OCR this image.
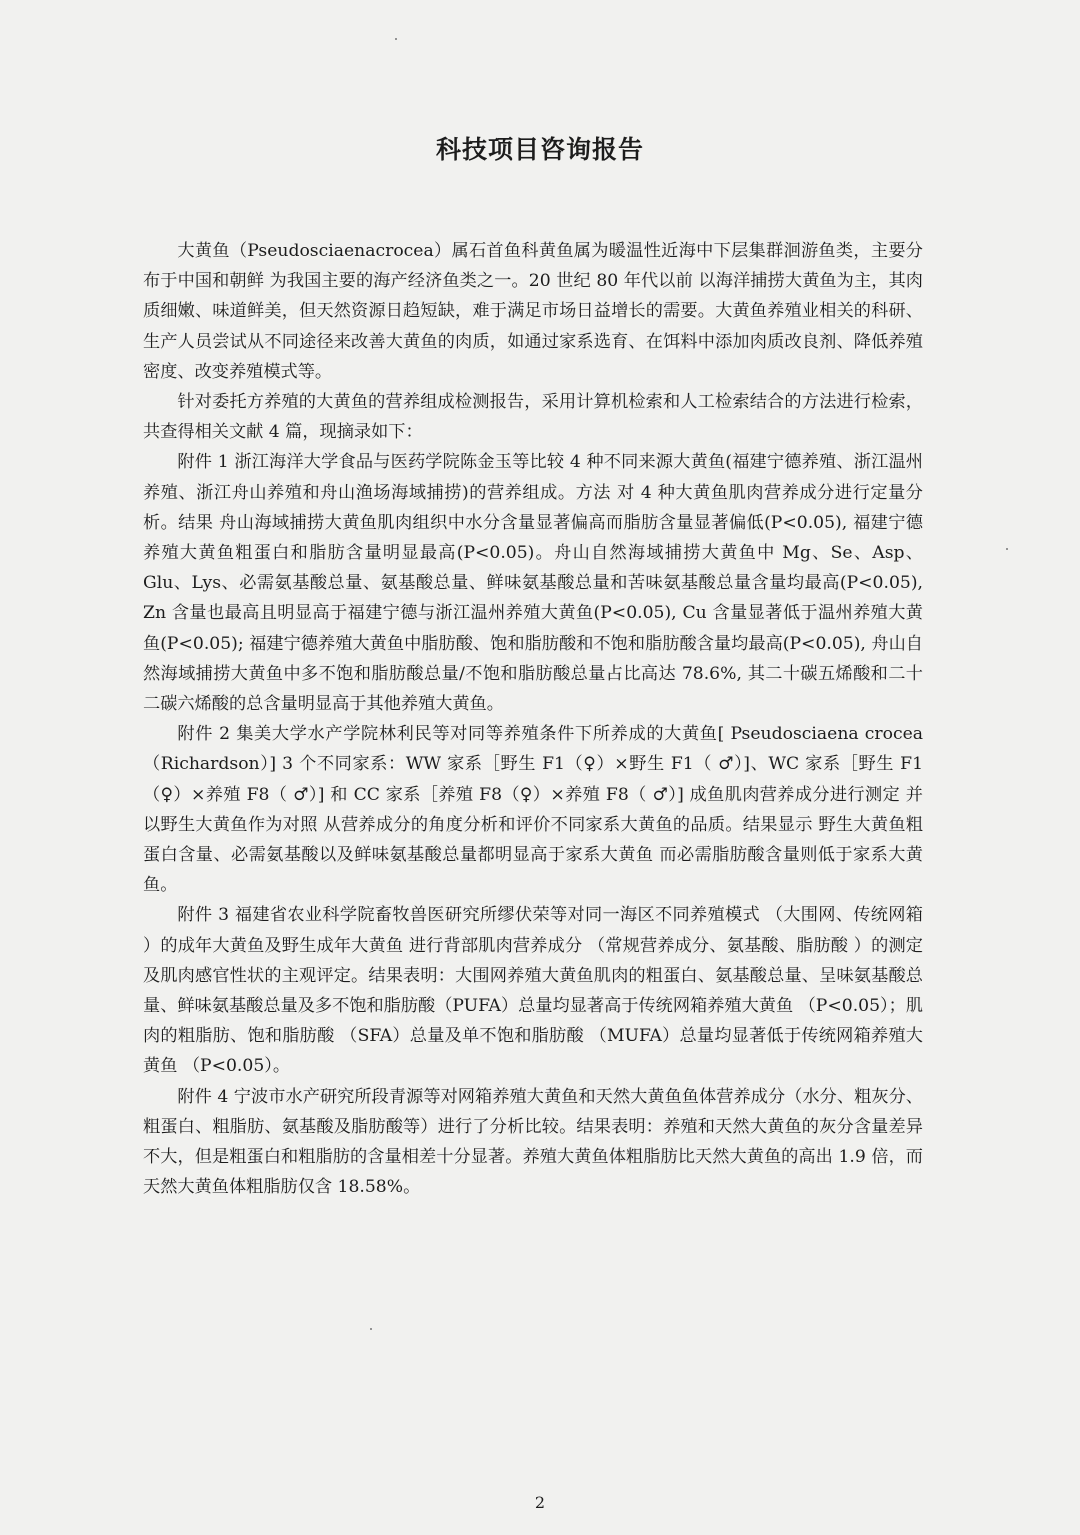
科技项目咨询报告

大黄鱼（Pseudosciaenacrocea）属石首鱼科黄鱼属为暖温性近海中下层集群洄游鱼类，主要分布于中国和朝鲜 为我国主要的海产经济鱼类之一。20 世纪 80 年代以前 以海洋捕捞大黄鱼为主，其肉质细嫩、味道鲜美，但天然资源日趋短缺，难于满足市场日益增长的需要。大黄鱼养殖业相关的科研、生产人员尝试从不同途径来改善大黄鱼的肉质，如通过家系选育、在饵料中添加肉质改良剂、降低养殖密度、改变养殖模式等。

针对委托方养殖的大黄鱼的营养组成检测报告，采用计算机检索和人工检索结合的方法进行检索，共查得相关文献 4 篇，现摘录如下：

附件 1 浙江海洋大学食品与医药学院陈金玉等比较 4 种不同来源大黄鱼(福建宁德养殖、浙江温州养殖、浙江舟山养殖和舟山渔场海域捕捞)的营养组成。方法 对 4 种大黄鱼肌肉营养成分进行定量分析。结果 舟山海域捕捞大黄鱼肌肉组织中水分含量显著偏高而脂肪含量显著偏低(P<0.05), 福建宁德养殖大黄鱼粗蛋白和脂肪含量明显最高(P<0.05)。舟山自然海域捕捞大黄鱼中 Mg、Se、Asp、Glu、Lys、必需氨基酸总量、氨基酸总量、鲜味氨基酸总量和苦味氨基酸总量含量均最高(P<0.05), Zn 含量也最高且明显高于福建宁德与浙江温州养殖大黄鱼(P<0.05), Cu 含量显著低于温州养殖大黄鱼(P<0.05); 福建宁德养殖大黄鱼中脂肪酸、饱和脂肪酸和不饱和脂肪酸含量均最高(P<0.05), 舟山自然海域捕捞大黄鱼中多不饱和脂肪酸总量/不饱和脂肪酸总量占比高达 78.6%, 其二十碳五烯酸和二十二碳六烯酸的总含量明显高于其他养殖大黄鱼。

附件 2 集美大学水产学院林利民等对同等养殖条件下所养成的大黄鱼[ Pseudosciaena crocea（Richardson）] 3 个不同家系：WW 家系［野生 F1（♀）×野生 F1（ ♂）]、WC 家系［野生 F1（♀）×养殖 F8（ ♂）] 和 CC 家系［养殖 F8（♀）×养殖 F8（ ♂）] 成鱼肌肉营养成分进行测定 并以野生大黄鱼作为对照 从营养成分的角度分析和评价不同家系大黄鱼的品质。结果显示 野生大黄鱼粗蛋白含量、必需氨基酸以及鲜味氨基酸总量都明显高于家系大黄鱼 而必需脂肪酸含量则低于家系大黄鱼。

附件 3 福建省农业科学院畜牧兽医研究所缪伏荣等对同一海区不同养殖模式 （大围网、传统网箱 ）的成年大黄鱼及野生成年大黄鱼 进行背部肌肉营养成分 （常规营养成分、氨基酸、脂肪酸 ）的测定及肌肉感官性状的主观评定。结果表明：大围网养殖大黄鱼肌肉的粗蛋白、氨基酸总量、呈味氨基酸总量、鲜味氨基酸总量及多不饱和脂肪酸（PUFA）总量均显著高于传统网箱养殖大黄鱼 （P<0.05）；肌肉的粗脂肪、饱和脂肪酸 （SFA）总量及单不饱和脂肪酸 （MUFA）总量均显著低于传统网箱养殖大黄鱼 （P<0.05）。

附件 4 宁波市水产研究所段青源等对网箱养殖大黄鱼和天然大黄鱼鱼体营养成分（水分、粗灰分、粗蛋白、粗脂肪、氨基酸及脂肪酸等）进行了分析比较。结果表明：养殖和天然大黄鱼的灰分含量差异不大，但是粗蛋白和粗脂肪的含量相差十分显著。养殖大黄鱼体粗脂肪比天然大黄鱼的高出 1.9 倍，而天然大黄鱼体粗脂肪仅含 18.58%。

2
